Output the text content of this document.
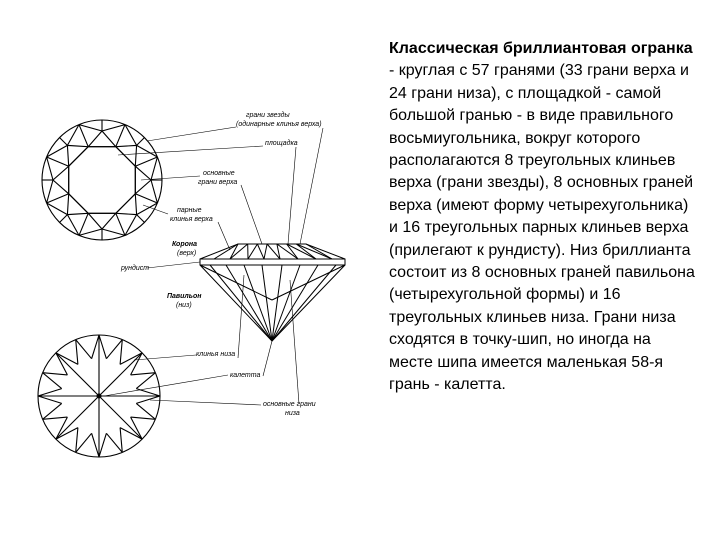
грани звезды
(одинарные клинья верха)
площадка
основные
грани верха
парные
клинья верха
Корона
(верх)
рундист
Павильон
(низ)
клинья низа
калетта
основные грани
низа

Классическая бриллиантовая огранка - круглая с 57 гранями (33 грани верха и 24 грани низа), с площадкой - самой большой гранью - в виде правильного восьмиугольника, вокруг которого располагаются 8 треугольных клиньев верха (грани звезды), 8 основных граней верха (имеют форму четырехугольника) и 16 треугольных парных клиньев верха (прилегают к рундисту). Низ бриллианта состоит из 8 основных граней павильона (четырехугольной формы) и 16 треугольных клиньев низа. Грани низа сходятся в точку-шип, но иногда на месте шипа имеется маленькая 58-я грань - калетта.
